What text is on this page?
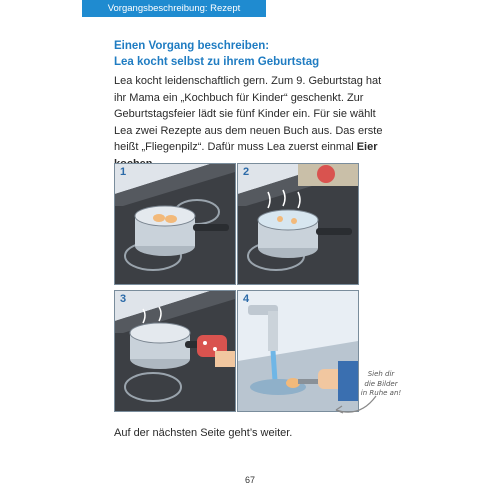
Vorgangsbeschreibung: Rezept
Einen Vorgang beschreiben:
Lea kocht selbst zu ihrem Geburtstag
Lea kocht leidenschaftlich gern. Zum 9. Geburtstag hat ihr Mama ein „Kochbuch für Kinder“ geschenkt. Zur Geburtstagsfeier lädt sie fünf Kinder ein. Für sie wählt Lea zwei Rezepte aus dem neuen Buch aus. Das erste heißt „Fliegenpilz“. Dafür muss Lea zuerst einmal Eier
1	2
3	4
Sieh dir
die Bilder
in Ruhe an!
Auf der nächsten Seite geht’s weiter.
67
